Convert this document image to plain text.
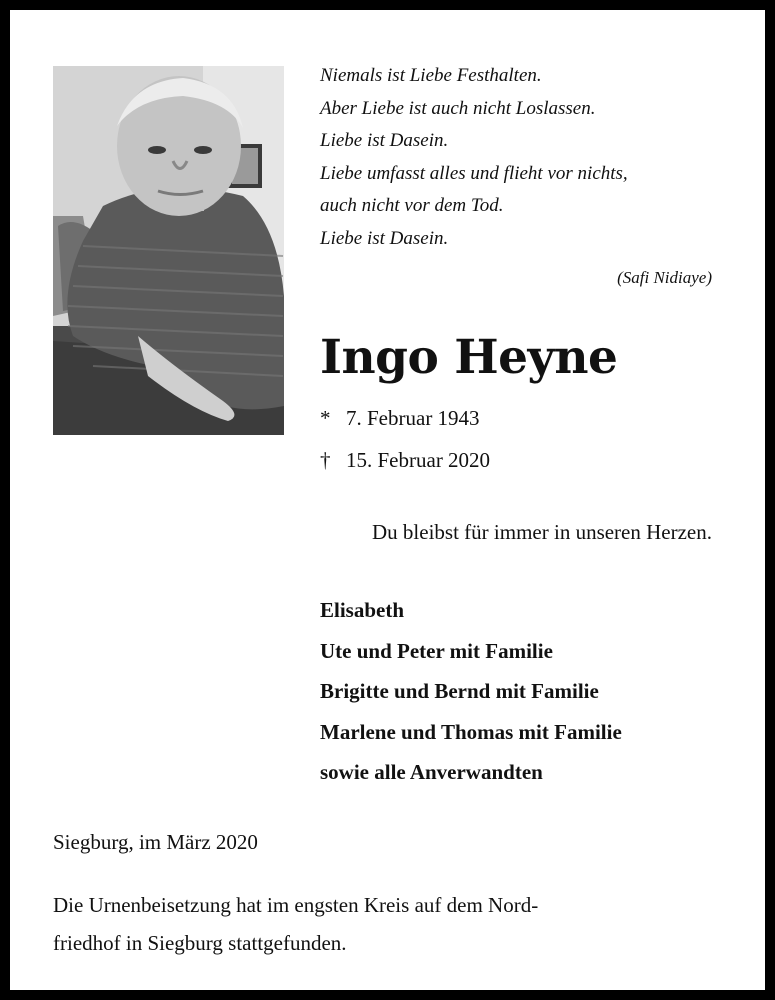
Niemals ist Liebe Festhalten.
Aber Liebe ist auch nicht Loslassen.
Liebe ist Dasein.
Liebe umfasst alles und flieht vor nichts,
auch nicht vor dem Tod.
Liebe ist Dasein.
(Safi Nidiaye)
Ingo Heyne
* 7. Februar 1943
† 15. Februar 2020
Du bleibst für immer in unseren Herzen.
Elisabeth
Ute und Peter mit Familie
Brigitte und Bernd mit Familie
Marlene und Thomas mit Familie
sowie alle Anverwandten
Siegburg, im März 2020
Die Urnenbeisetzung hat im engsten Kreis auf dem Nord-
friedhof in Siegburg stattgefunden.
